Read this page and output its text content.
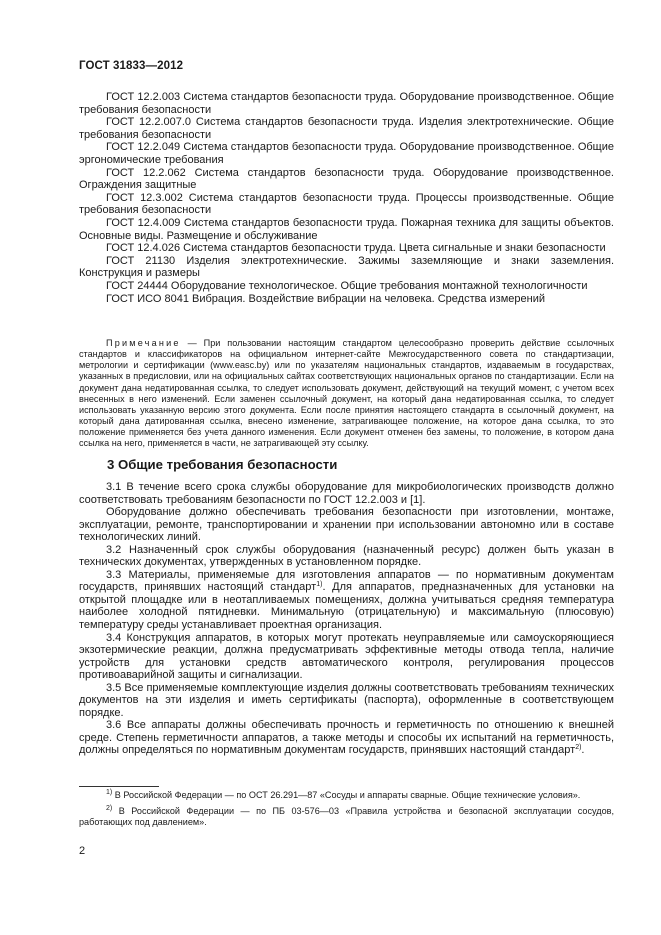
ГОСТ 31833—2012

ГОСТ 12.2.003 Система стандартов безопасности труда. Оборудование производственное. Общие требования безопасности

ГОСТ 12.2.007.0 Система стандартов безопасности труда. Изделия электротехнические. Общие требования безопасности

ГОСТ 12.2.049 Система стандартов безопасности труда. Оборудование производственное. Общие эргономические требования

ГОСТ 12.2.062 Система стандартов безопасности труда. Оборудование производственное. Ограждения защитные

ГОСТ 12.3.002 Система стандартов безопасности труда. Процессы производственные. Общие требования безопасности

ГОСТ 12.4.009 Система стандартов безопасности труда. Пожарная техника для защиты объектов. Основные виды. Размещение и обслуживание

ГОСТ 12.4.026 Система стандартов безопасности труда. Цвета сигнальные и знаки безопасности

ГОСТ 21130 Изделия электротехнические. Зажимы заземляющие и знаки заземления. Конструкция и размеры

ГОСТ 24444 Оборудование технологическое. Общие требования монтажной технологичности

ГОСТ ИСО 8041 Вибрация. Воздействие вибрации на человека. Средства измерений

Примечание — При пользовании настоящим стандартом целесообразно проверить действие ссылочных стандартов и классификаторов на официальном интернет-сайте Межгосударственного совета по стандартизации, метрологии и сертификации (www.easc.by) или по указателям национальных стандартов, издаваемым в государствах, указанных в предисловии, или на официальных сайтах соответствующих национальных органов по стандартизации. Если на документ дана недатированная ссылка, то следует использовать документ, действующий на текущий момент, с учетом всех внесенных в него изменений. Если заменен ссылочный документ, на который дана недатированная ссылка, то следует использовать указанную версию этого документа. Если после принятия настоящего стандарта в ссылочный документ, на который дана датированная ссылка, внесено изменение, затрагивающее положение, на которое дана ссылка, то это положение применяется без учета данного изменения. Если документ отменен без замены, то положение, в котором дана ссылка на него, применяется в части, не затрагивающей эту ссылку.

3 Общие требования безопасности

3.1 В течение всего срока службы оборудование для микробиологических производств должно соответствовать требованиям безопасности по ГОСТ 12.2.003 и [1].

Оборудование должно обеспечивать требования безопасности при изготовлении, монтаже, эксплуатации, ремонте, транспортировании и хранении при использовании автономно или в составе технологических линий.

3.2 Назначенный срок службы оборудования (назначенный ресурс) должен быть указан в технических документах, утвержденных в установленном порядке.

3.3 Материалы, применяемые для изготовления аппаратов — по нормативным документам государств, принявших настоящий стандарт$^{1)}$. Для аппаратов, предназначенных для установки на открытой площадке или в неотапливаемых помещениях, должна учитываться средняя температура наиболее холодной пятидневки. Минимальную (отрицательную) и максимальную (плюсовую) температуру среды устанавливает проектная организация.

3.4 Конструкция аппаратов, в которых могут протекать неуправляемые или самоускоряющиеся экзотермические реакции, должна предусматривать эффективные методы отвода тепла, наличие устройств для установки средств автоматического контроля, регулирования процессов противоаварийной защиты и сигнализации.

3.5 Все применяемые комплектующие изделия должны соответствовать требованиям технических документов на эти изделия и иметь сертификаты (паспорта), оформленные в соответствующем порядке.

3.6 Все аппараты должны обеспечивать прочность и герметичность по отношению к внешней среде. Степень герметичности аппаратов, а также методы и способы их испытаний на герметичность, должны определяться по нормативным документам государств, принявших настоящий стандарт$^{2)}$.

$^{1)}$ В Российской Федерации — по ОСТ 26.291—87 «Сосуды и аппараты сварные. Общие технические условия».

$^{2)}$ В Российской Федерации — по ПБ 03-576—03 «Правила устройства и безопасной эксплуатации сосудов, работающих под давлением».

2
